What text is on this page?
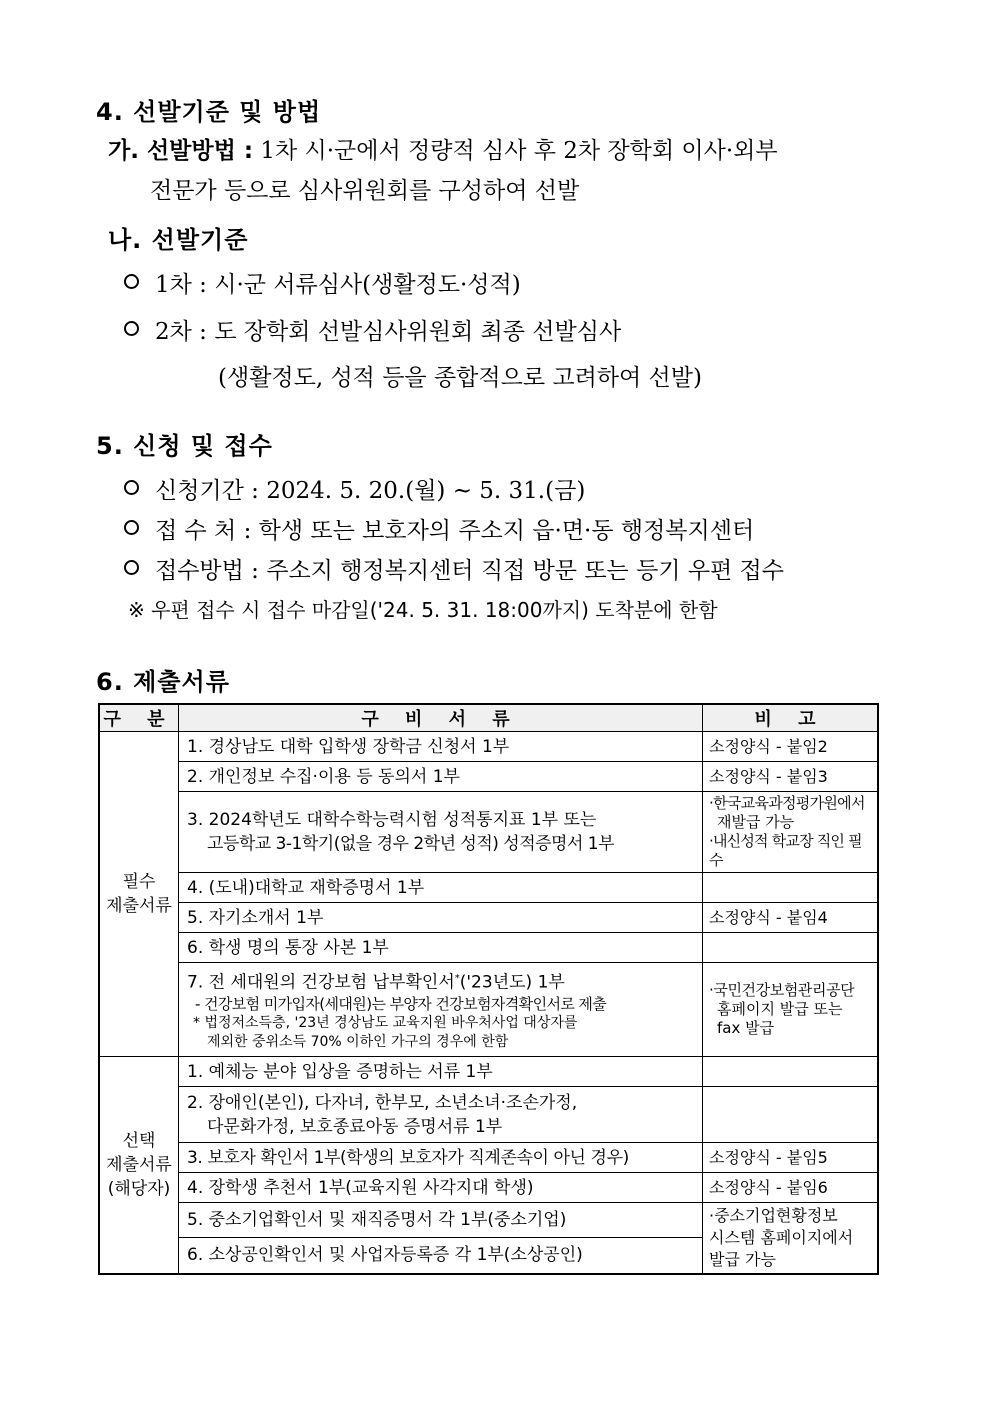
4. 선발기준 및 방법
가. 선발방법 : 1차 시·군에서 정량적 심사 후 2차 장학회 이사·외부
전문가 등으로 심사위원회를 구성하여 선발
나. 선발기준
1차 : 시·군 서류심사(생활정도·성적)
2차 : 도 장학회 선발심사위원회 최종 선발심사
(생활정도, 성적 등을 종합적으로 고려하여 선발)
5. 신청 및 접수
신청기간 : 2024. 5. 20.(월) ~ 5. 31.(금)
접 수 처 : 학생 또는 보호자의 주소지 읍·면·동 행정복지센터
접수방법 : 주소지 행정복지센터 직접 방문 또는 등기 우편 접수
※ 우편 접수 시 접수 마감일('24. 5. 31. 18:00까지) 도착분에 한함
6. 제출서류
구 분	구 비 서 류	비 고
필수
제출서류	1. 경상남도 대학 입학생 장학금 신청서 1부	소정양식 - 붙임2
	2. 개인정보 수집·이용 등 동의서 1부	소정양식 - 붙임3

	3. 2024학년도 대학수학능력시험 성적통지표 1부 또는
고등학교 3-1학기(없을 경우 2학년 성적) 성적증명서 1부	·한국교육과정평가원에서
재발급 가능
·내신성적 학교장 직인 필수

	4. (도내)대학교 재학증명서 1부	
	5. 자기소개서 1부	소정양식 - 붙임4
	6. 학생 명의 통장 사본 1부	

	7. 전 세대원의 건강보험 납부확인서*('23년도) 1부
- 건강보험 미가입자(세대원)는 부양자 건강보험자격확인서로 제출
* 법정저소득층, '23년 경상남도 교육지원 바우처사업 대상자를
제외한 중위소득 70% 이하인 가구의 경우에 한함	·국민건강보험관리공단
홈페이지 발급 또는
fax 발급

선택
제출서류
(해당자)	1. 예체능 분야 입상을 증명하는 서류 1부	

	2. 장애인(본인), 다자녀, 한부모, 소년소녀·조손가정,
다문화가정, 보호종료아동 증명서류 1부	

	3. 보호자 확인서 1부(학생의 보호자가 직계존속이 아닌 경우)	소정양식 - 붙임5
	4. 장학생 추천서 1부(교육지원 사각지대 학생)	소정양식 - 붙임6
	5. 중소기업확인서 및 재직증명서 각 1부(중소기업)	·중소기업현황정보
시스템 홈페이지에서
발급 가능

	6. 소상공인확인서 및 사업자등록증 각 1부(소상공인)	
